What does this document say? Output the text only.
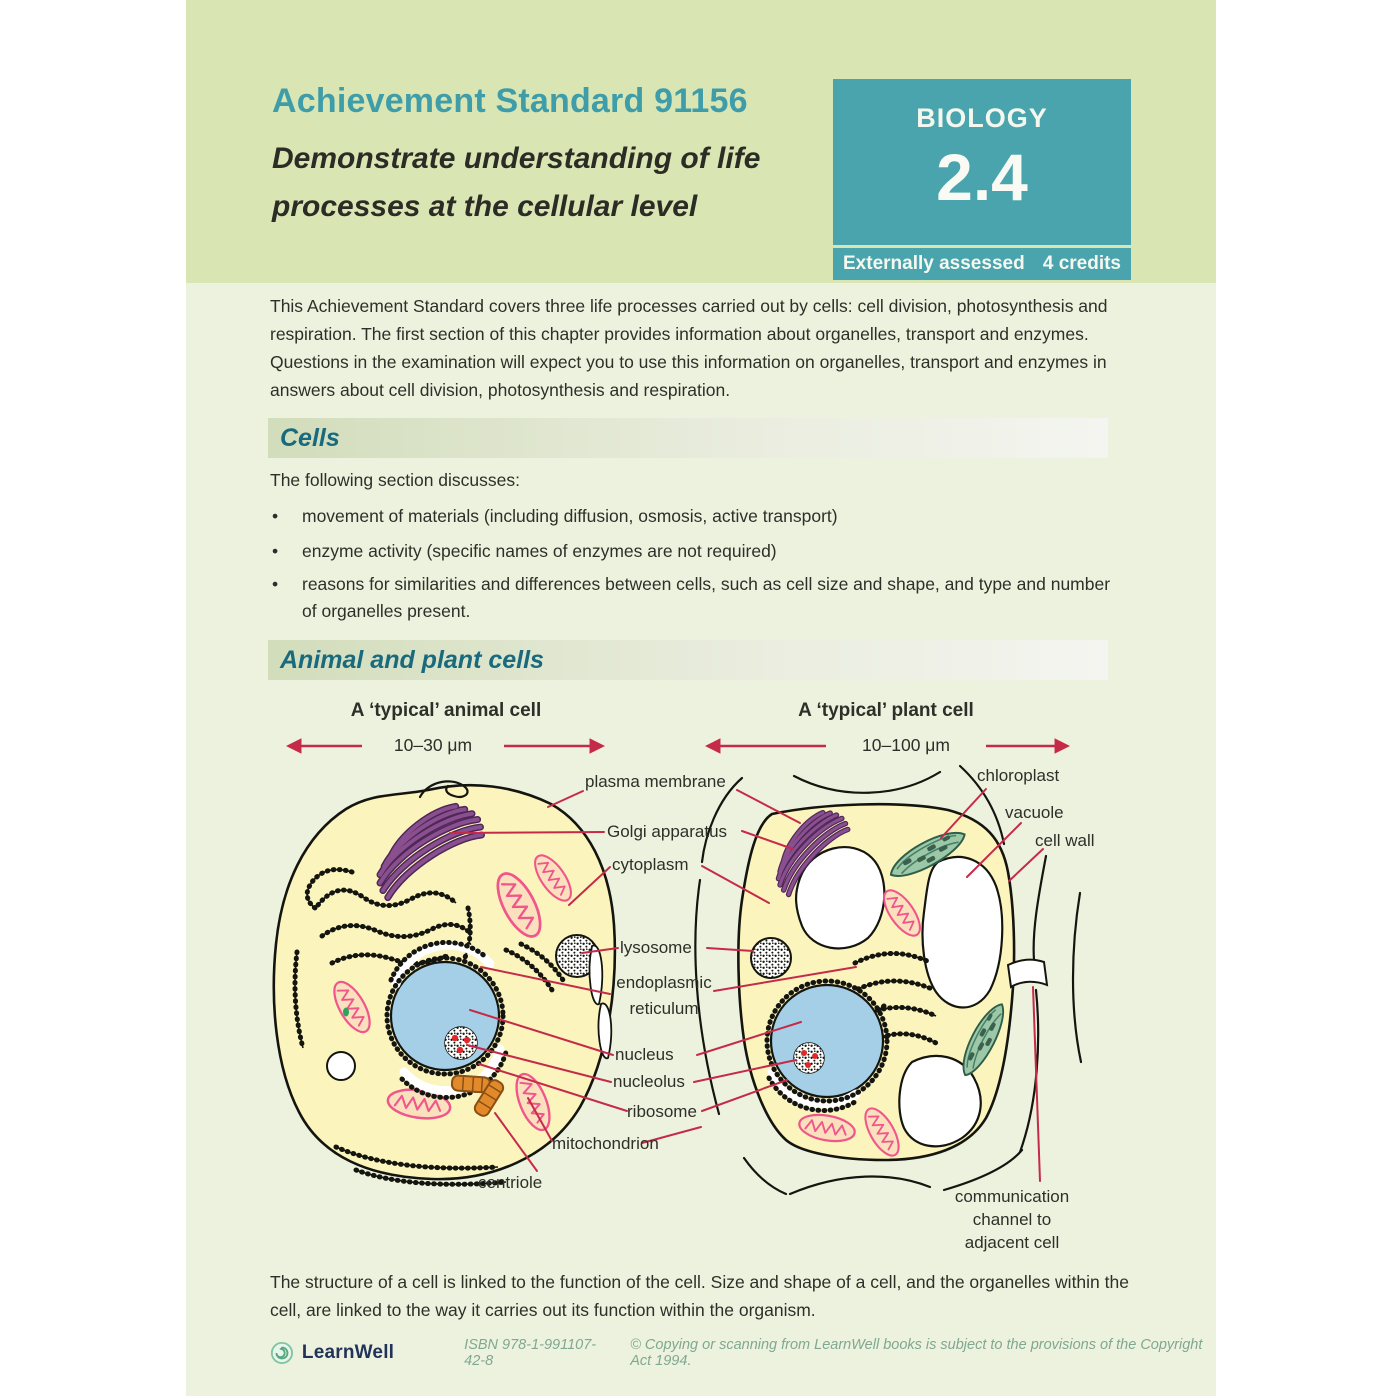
Achievement Standard 91156
Demonstrate understanding of life
processes at the cellular level
BIOLOGY
2.4
Externally assessed 4 credits

This Achievement Standard covers three life processes carried out by cells: cell division, photosynthesis and respiration. The first section of this chapter provides information about organelles, transport and enzymes. Questions in the examination will expect you to use this information on organelles, transport and enzymes in answers about cell division, photosynthesis and respiration.

Cells

The following section discusses:

• movement of materials (including diffusion, osmosis, active transport)
• enzyme activity (specific names of enzymes are not required)
• reasons for similarities and differences between cells, such as cell size and shape, and type and number of organelles present.
Animal and plant cells
A ‘typical’ animal cell	A ‘typical’ plant cell
10–30 μm	10–100 μm
plasma membrane
Golgi apparatus
cytoplasm
lysosome
endoplasmic
reticulum
nucleus
nucleolus
ribosome
mitochondrion
centriole
chloroplast
vacuole
cell wall
communication
channel to
adjacent cell

The structure of a cell is linked to the function of the cell. Size and shape of a cell, and the organelles within the cell, are linked to the way it carries out its function within the organism.

LearnWell	ISBN 978-1-991107-42-8
© Copying or scanning from LearnWell books is subject to the provisions of the Copyright Act 1994.
